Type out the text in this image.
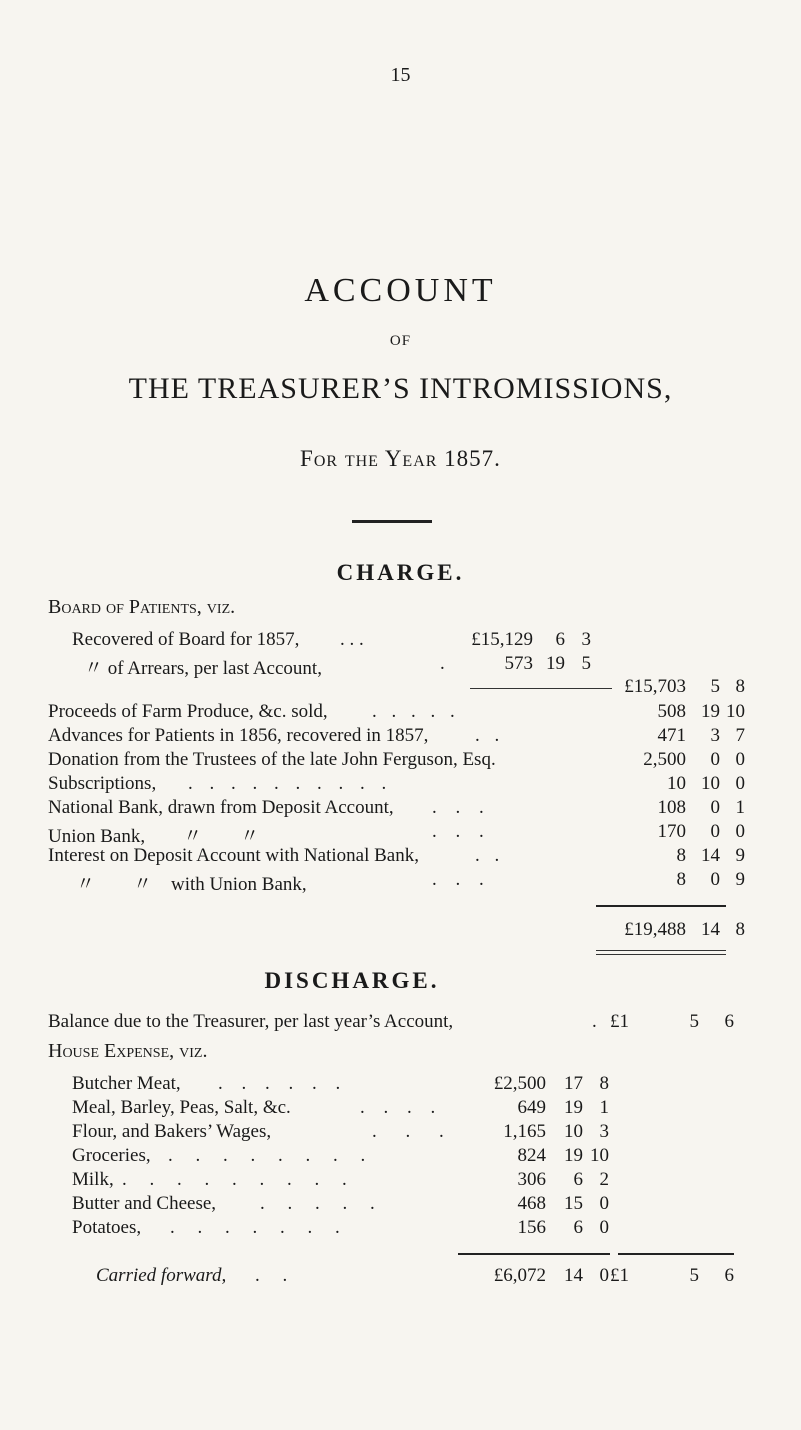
15
ACCOUNT
OF
THE TREASURER’S INTROMISSIONS,
For the Year 1857.
CHARGE.
Board of Patients, viz.
Recovered of Board for 1857, . . .	£15,129 6 3
〃 of Arrears, per last Account,	.	573 19 5
£15,703 5 8
Proceeds of Farm Produce, &c. sold, . . . . .	508 19 10
Advances for Patients in 1856, recovered in 1857, . .	471 3 7
Donation from the Trustees of the late John Ferguson, Esq.	2,500 0 0
Subscriptions, . . . . . . . . . .	10 10 0
National Bank, drawn from Deposit Account, . . .	108 0 1
Union Bank,        〃        〃	. . .	170 0 0
Interest on Deposit Account with National Bank,	. .	8 14 9
〃        〃    with Union Bank,	. . .	8 0 9
£19,488 14 8
DISCHARGE.
Balance due to the Treasurer, per last year’s Account,	. £1	5 6
House Expense, viz.
Butcher Meat, . . . . . .	£2,500 17 8
Meal, Barley, Peas, Salt, &c.	. . . .	649 19 1
Flour, and Bakers’ Wages,	. . .	1,165 10 3
Groceries, . . . . . . . .	824 19 10
Milk, . . . . . . . . .	306 6 2
Butter and Cheese, . . . . .	468 15 0
Potatoes, . . . . . . .	156 6 0
Carried forward, . .	£6,072 14 0 £1	5 6
